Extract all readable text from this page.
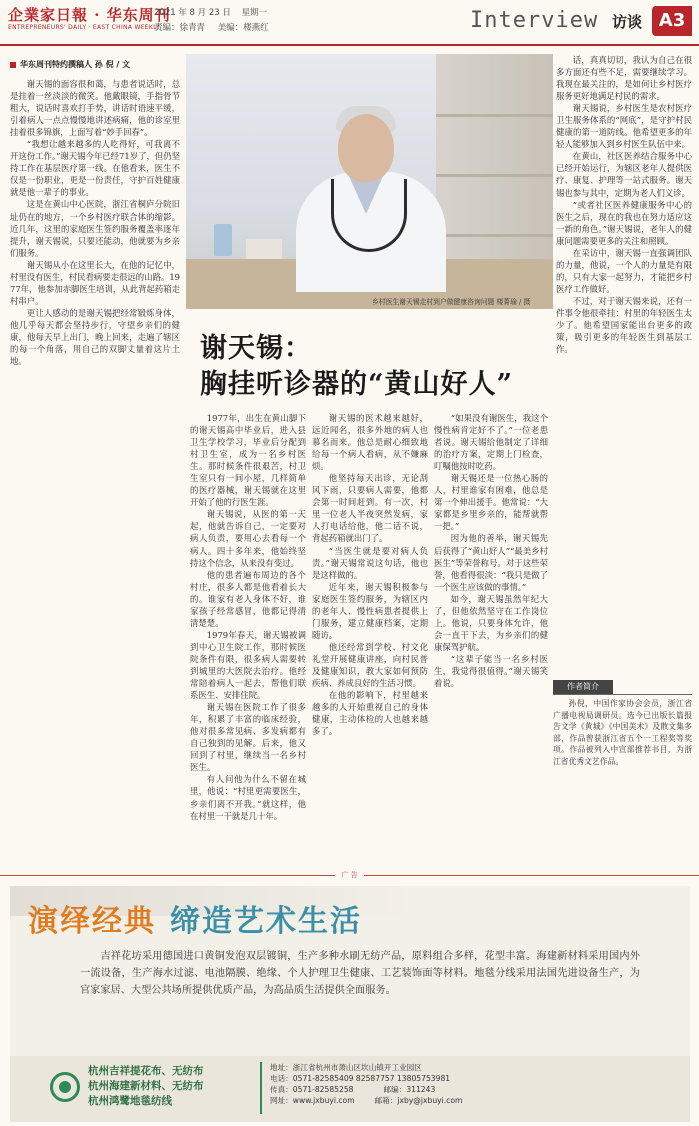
企業家日報 · 华东周刊
ENTREPRENEURS' DAILY · EAST CHINA WEEKLY
2021 年 8 月 23 日 星期一
责编：徐青青 美编：楼燕红	Interview 访谈 A3
华东周刊特约撰稿人 孙 倪 / 文

谢天锡的面容很和蔼，与患者说话时，总是挂着一丝淡淡的微笑。他戴眼镜，手指骨节粗大，说话时喜欢打手势，讲话时语速平缓，引着病人一点点慢慢地讲述病痛，他的诊室里挂着很多锦旗，上面写着“妙手回春”。

“我想让越来越多的人吃得好，可我离不开这份工作。”谢天锡今年已经71岁了，但仍坚持工作在基层医疗第一线。在他看来，医生不仅是一份职业，更是一份责任，守护百姓健康就是他一辈子的事业。

这是在黄山中心医院，浙江省桐庐分院旧址仍在的地方，一个乡村医疗联合体的缩影。近几年，这里的家庭医生签约服务覆盖率逐年提升，谢天锡说，只要还能动，他就要为乡亲们服务。

谢天锡从小在这里长大，在他的记忆中，村里没有医生，村民看病要走很远的山路。1977年，他参加赤脚医生培训，从此背起药箱走村串户。

更让人感动的是谢天锡把经常锻炼身体，他几乎每天都会坚持步行，守望乡亲们的健康，他每天早上出门，晚上回来，走遍了辖区的每一个角落，用自己的双脚丈量着这片土地。

乡村医生谢天锡走村到户做健康咨询问题 楼菁瑜 / 摄
谢天锡：
胸挂听诊器的“黄山好人”

1977年，出生在黄山脚下的谢天锡高中毕业后，进入县卫生学校学习，毕业后分配到村卫生室，成为一名乡村医生。那时候条件很艰苦，村卫生室只有一间小屋，几样简单的医疗器械，谢天锡就在这里开始了他的行医生涯。

谢天锡说，从医的第一天起，他就告诉自己，一定要对病人负责，要用心去看每一个病人。四十多年来，他始终坚持这个信念，从来没有变过。

他的患者遍布周边的各个村庄，很多人都是他看着长大的。谁家有老人身体不好，谁家孩子经常感冒，他都记得清清楚楚。

1979年春天，谢天锡被调到中心卫生院工作，那时候医院条件有限，很多病人需要转到城里的大医院去治疗。他经常陪着病人一起去，帮他们联系医生、安排住院。

谢天锡在医院工作了很多年，积累了丰富的临床经验，他对很多常见病、多发病都有自己独到的见解。后来，他又回到了村里，继续当一名乡村医生。

有人问他为什么不留在城里，他说：“村里更需要医生，乡亲们离不开我。”就这样，他在村里一干就是几十年。

谢天锡的医术越来越好，远近闻名，很多外地的病人也慕名而来。他总是耐心细致地给每一个病人看病，从不嫌麻烦。

他坚持每天出诊，无论刮风下雨，只要病人需要，他都会第一时间赶到。有一次，村里一位老人半夜突然发病，家人打电话给他，他二话不说，背起药箱就出门了。

“当医生就是要对病人负责。”谢天锡常说这句话，他也是这样做的。

近年来，谢天锡积极参与家庭医生签约服务，为辖区内的老年人、慢性病患者提供上门服务，建立健康档案，定期随访。

他还经常到学校、村文化礼堂开展健康讲座，向村民普及健康知识，教大家如何预防疾病、养成良好的生活习惯。

在他的影响下，村里越来越多的人开始重视自己的身体健康，主动体检的人也越来越多了。

“如果没有谢医生，我这个慢性病肯定好不了。”一位老患者说。谢天锡给他制定了详细的治疗方案，定期上门检查，叮嘱他按时吃药。

谢天锡还是一位热心肠的人，村里谁家有困难，他总是第一个伸出援手。他常说：“大家都是乡里乡亲的，能帮就帮一把。”

因为他的善举，谢天锡先后获得了“黄山好人”“最美乡村医生”等荣誉称号。对于这些荣誉，他看得很淡：“我只是做了一个医生应该做的事情。”

如今，谢天锡虽然年纪大了，但他依然坚守在工作岗位上。他说，只要身体允许，他会一直干下去，为乡亲们的健康保驾护航。

“这辈子能当一名乡村医生，我觉得很值得。”谢天锡笑着说。

话，真真切切，我认为自己在很多方面还有些不足，需要继续学习。我现在最关注的，是如何让乡村医疗服务更好地满足村民的需求。

谢天锡说，乡村医生是农村医疗卫生服务体系的“网底”，是守护村民健康的第一道防线。他希望更多的年轻人能够加入到乡村医生队伍中来。

在黄山，社区医养结合服务中心已经开始运行，为辖区老年人提供医疗、康复、护理等一站式服务。谢天锡也参与其中，定期为老人们义诊。

“或者社区医养健康服务中心的医生之后，现在的我也在努力适应这一新的角色。”谢天锡说，老年人的健康问题需要更多的关注和照顾。

在采访中，谢天锡一直强调团队的力量，他说，一个人的力量是有限的，只有大家一起努力，才能把乡村医疗工作做好。

不过，对于谢天锡来说，还有一件事令他很牵挂：村里的年轻医生太少了。他希望国家能出台更多的政策，吸引更多的年轻医生到基层工作。

作者简介
孙倪，中国作家协会会员，浙江省广播电视局调研员。选今已出版长篇报告文学《黄城》《中国美术》及散文集多部，作品曾获浙江省五个一工程奖等奖项。作品被列入中宣部推荐书目，为浙江省优秀文艺作品。
广 告
演绎经典 缔造艺术生活
吉祥花坊采用德国进口黄铜发泡双层镀铜，生产多种水刷无纺产品，原料组合多样，花型丰富。海建新材料采用国内外一流设备，生产海水过滤、电池隔膜、绝缘、个人护理卫生健康、工艺装饰面等材料。地毯分线采用法国先进设备生产，为官家家居、大型公共场所提供优质产品，为高品质生活提供全面服务。
杭州吉祥提花布、无纺布
杭州海建新材料、无纺布
杭州鸿鹭地毯纺线
地址：浙江省杭州市萧山区坎山镇开工业园区
电话：0571-82585409 82587757 13805753981
传真：0571-82585258	邮编：311243
网址：www.jxbuyi.com	邮箱：jxby@jxbuyi.com
